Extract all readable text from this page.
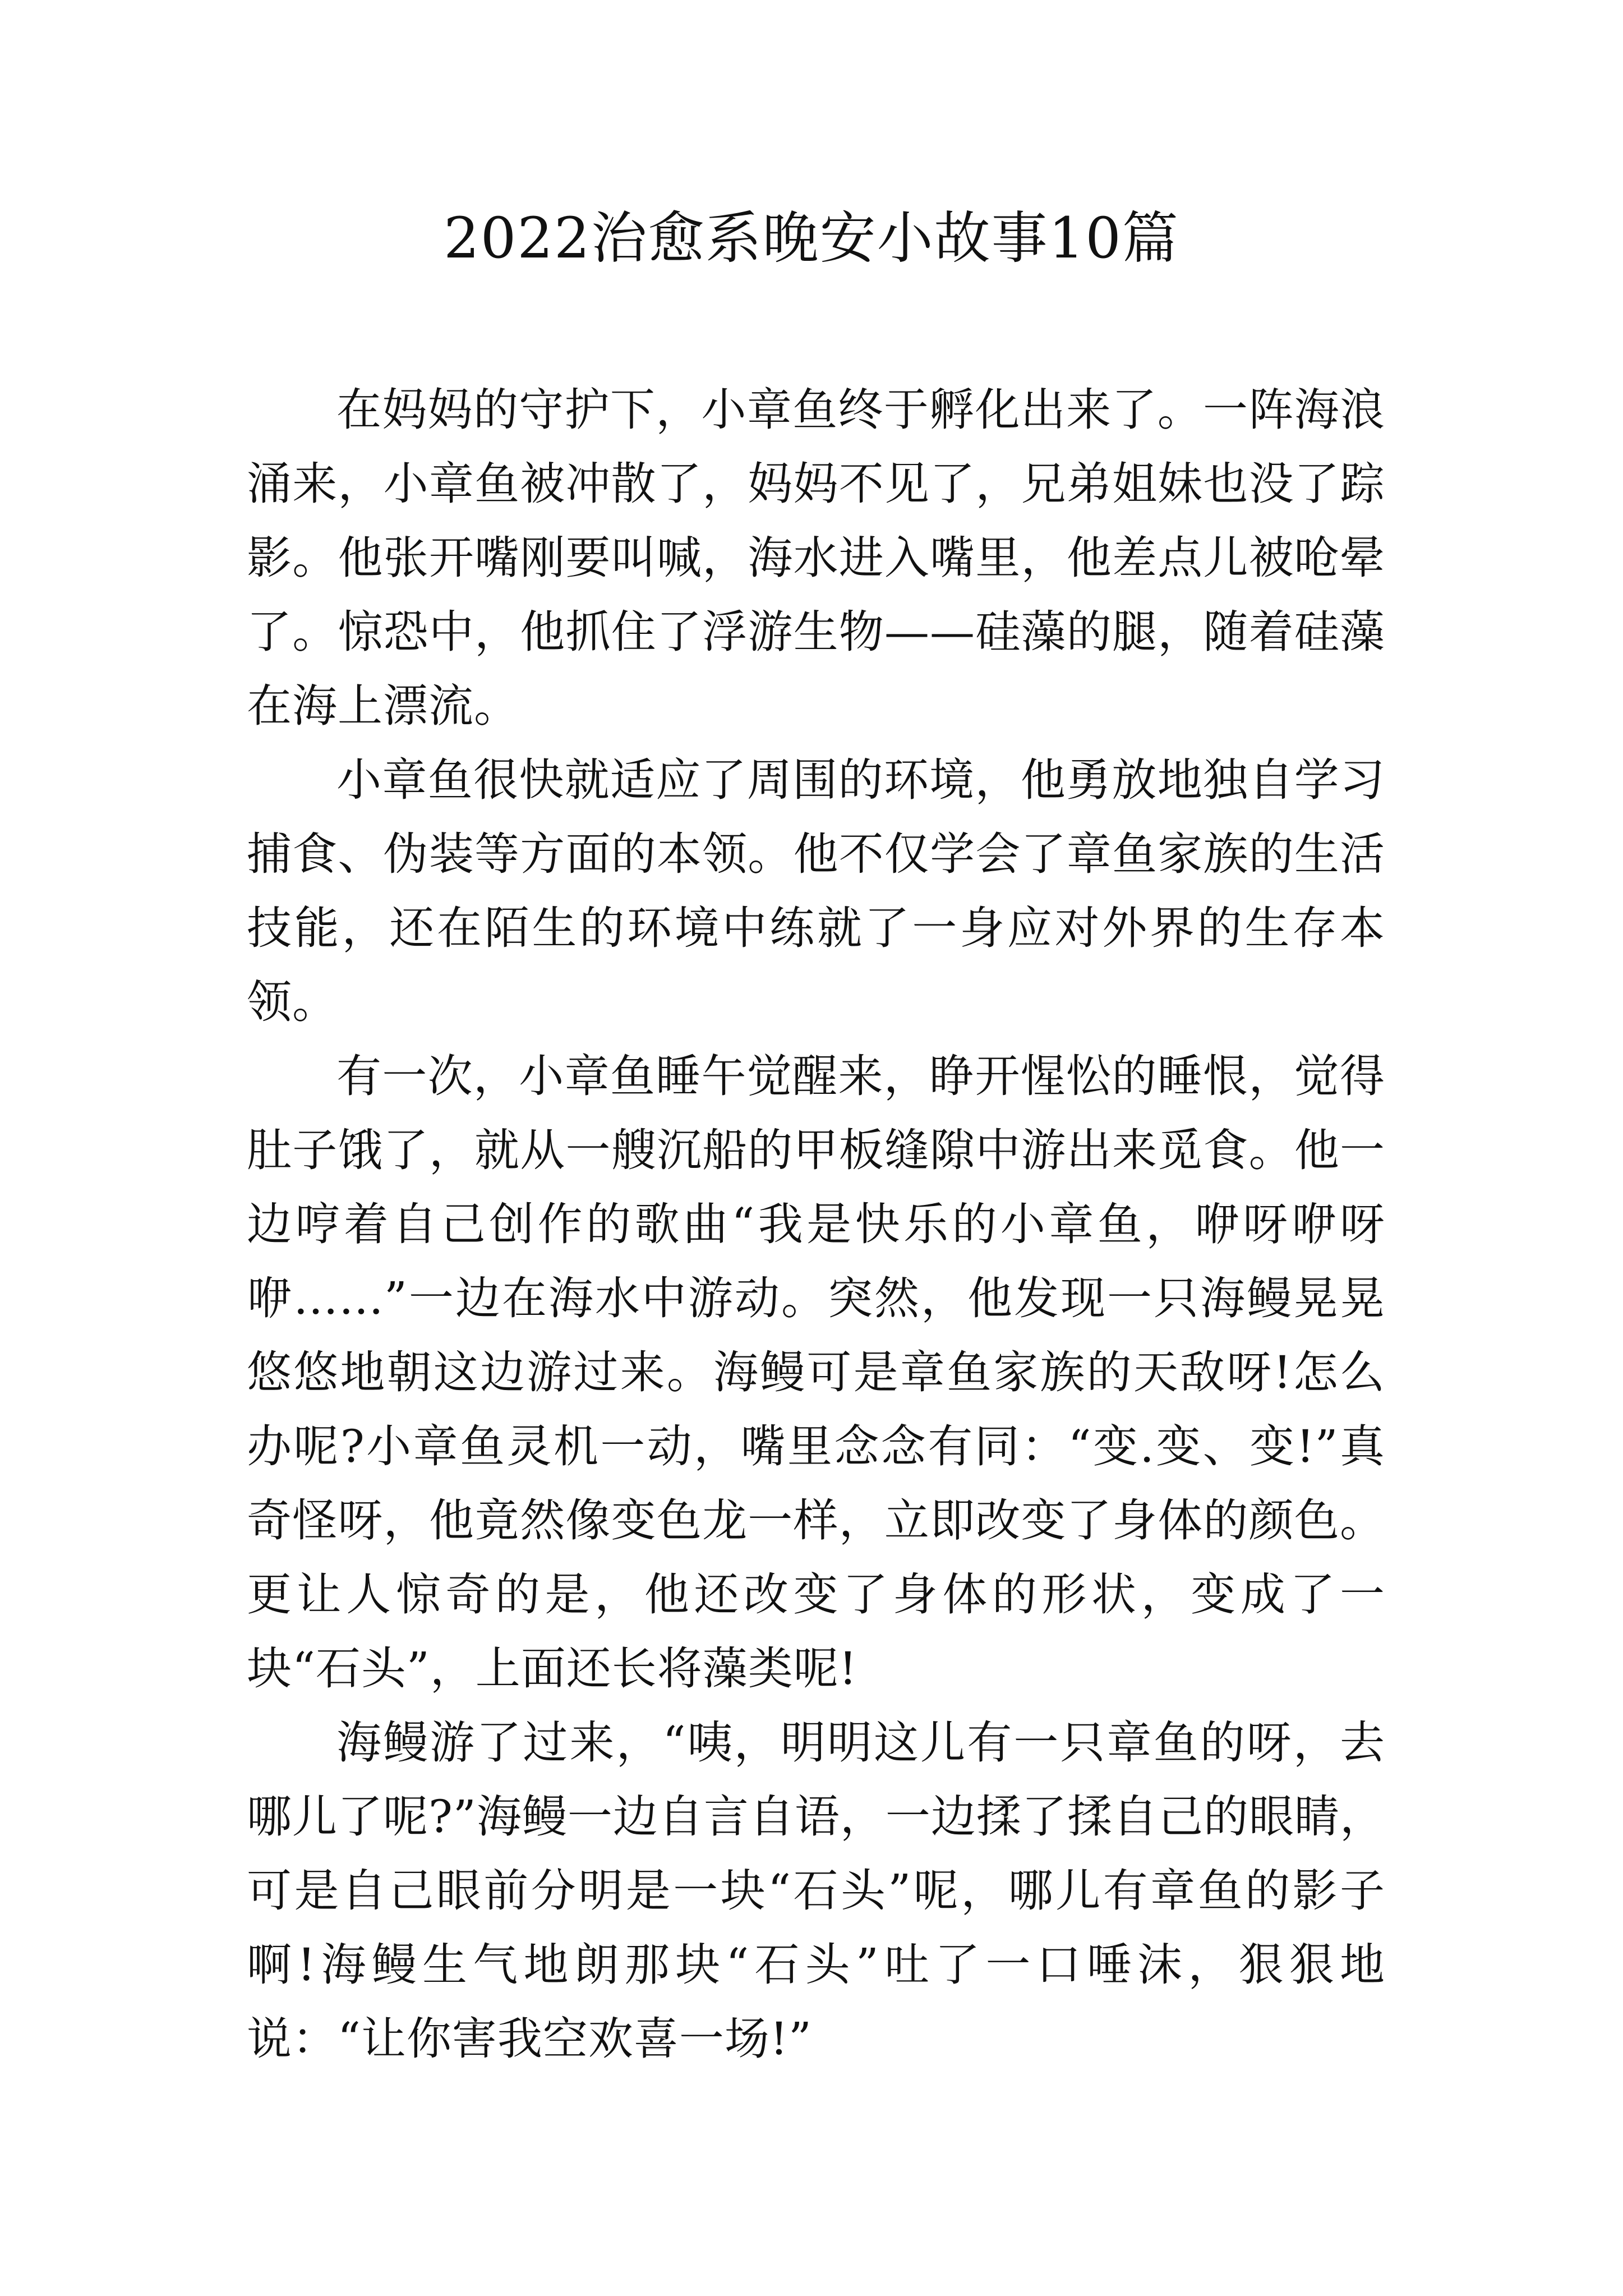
2022治愈系晚安小故事10篇

在妈妈的守护下，小章鱼终于孵化出来了。一阵海浪涌来，小章鱼被冲散了，妈妈不见了，兄弟姐妹也没了踪影。他张开嘴刚要叫喊，海水进入嘴里，他差点儿被呛晕了。惊恐中，他抓住了浮游生物——硅藻的腿，随着硅藻在海上漂流。

小章鱼很快就适应了周围的环境，他勇放地独自学习捕食、伪装等方面的本领。他不仅学会了章鱼家族的生活技能，还在陌生的环境中练就了一身应对外界的生存本领。

有一次，小章鱼睡午觉醒来，睁开惺忪的睡恨，觉得肚子饿了，就从一艘沉船的甲板缝隙中游出来觅食。他一边哼着自己创作的歌曲“我是快乐的小章鱼，咿呀咿呀咿……”一边在海水中游动。突然，他发现一只海鳗晃晃悠悠地朝这边游过来。海鳗可是章鱼家族的天敌呀!怎么办呢?小章鱼灵机一动，嘴里念念有同：“变.变、变!”真奇怪呀，他竟然像变色龙一样，立即改变了身体的颜色。更让人惊奇的是，他还改变了身体的形状，变成了一块“石头”，上面还长将藻类呢!

海鳗游了过来，“咦，明明这儿有一只章鱼的呀，去哪儿了呢?”海鳗一边自言自语，一边揉了揉自己的眼睛，可是自己眼前分明是一块“石头”呢，哪儿有章鱼的影子啊!海鳗生气地朗那块“石头”吐了一口唾沫，狠狠地说：“让你害我空欢喜一场!”
